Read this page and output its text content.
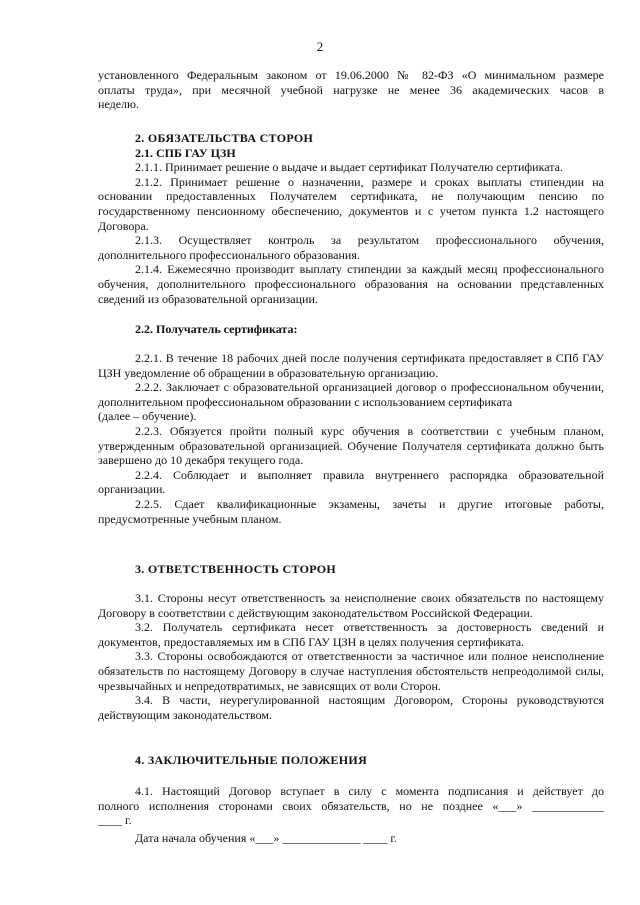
2

установленного Федеральным законом от 19.06.2000 № 82-ФЗ «О минимальном размере

оплаты труда», при месячной учебной нагрузке не менее 36 академических часов в

неделю.

2. ОБЯЗАТЕЛЬСТВА СТОРОН

2.1. СПБ ГАУ ЦЗН

2.1.1. Принимает решение о выдаче и выдает сертификат Получателю сертификата.

2.1.2. Принимает решение о назначении, размере и сроках выплаты стипендии на основании предоставленных Получателем сертификата, не получающим пенсию по государственному пенсионному обеспечению, документов и с учетом пункта 1.2 настоящего Договора.

2.1.3. Осуществляет контроль за результатом профессионального обучения, дополнительного профессионального образования.

2.1.4. Ежемесячно производит выплату стипендии за каждый месяц профессионального обучения, дополнительного профессионального образования на основании представленных сведений из образовательной организации.

2.2. Получатель сертификата:

2.2.1. В течение 18 рабочих дней после получения сертификата предоставляет в СПб ГАУ ЦЗН уведомление об обращении в образовательную организацию.

2.2.2. Заключает с образовательной организацией договор о профессиональном обучении, дополнительном профессиональном образовании с использованием сертификата

(далее – обучение).

2.2.3. Обязуется пройти полный курс обучения в соответствии с учебным планом, утвержденным образовательной организацией. Обучение Получателя сертификата должно быть завершено до 10 декабря текущего года.

2.2.4. Соблюдает и выполняет правила внутреннего распорядка образовательной организации.

2.2.5. Сдает квалификационные экзамены, зачеты и другие итоговые работы, предусмотренные учебным планом.

3. ОТВЕТСТВЕННОСТЬ СТОРОН

3.1. Стороны несут ответственность за неисполнение своих обязательств по настоящему Договору в соответствии с действующим законодательством Российской Федерации.

3.2. Получатель сертификата несет ответственность за достоверность сведений и документов, предоставляемых им в СПб ГАУ ЦЗН в целях получения сертификата.

3.3. Стороны освобождаются от ответственности за частичное или полное неисполнение обязательств по настоящему Договору в случае наступления обстоятельств непреодолимой силы, чрезвычайных и непредотвратимых, не зависящих от воли Сторон.

3.4. В части, неурегулированной настоящим Договором, Стороны руководствуются действующим законодательством.

4. ЗАКЛЮЧИТЕЛЬНЫЕ ПОЛОЖЕНИЯ

4.1. Настоящий Договор вступает в силу с момента подписания и действует до

полного исполнения сторонами своих обязательств, но не позднее «___» ____________

____ г.

Дата начала обучения «___» _____________ ____ г.
